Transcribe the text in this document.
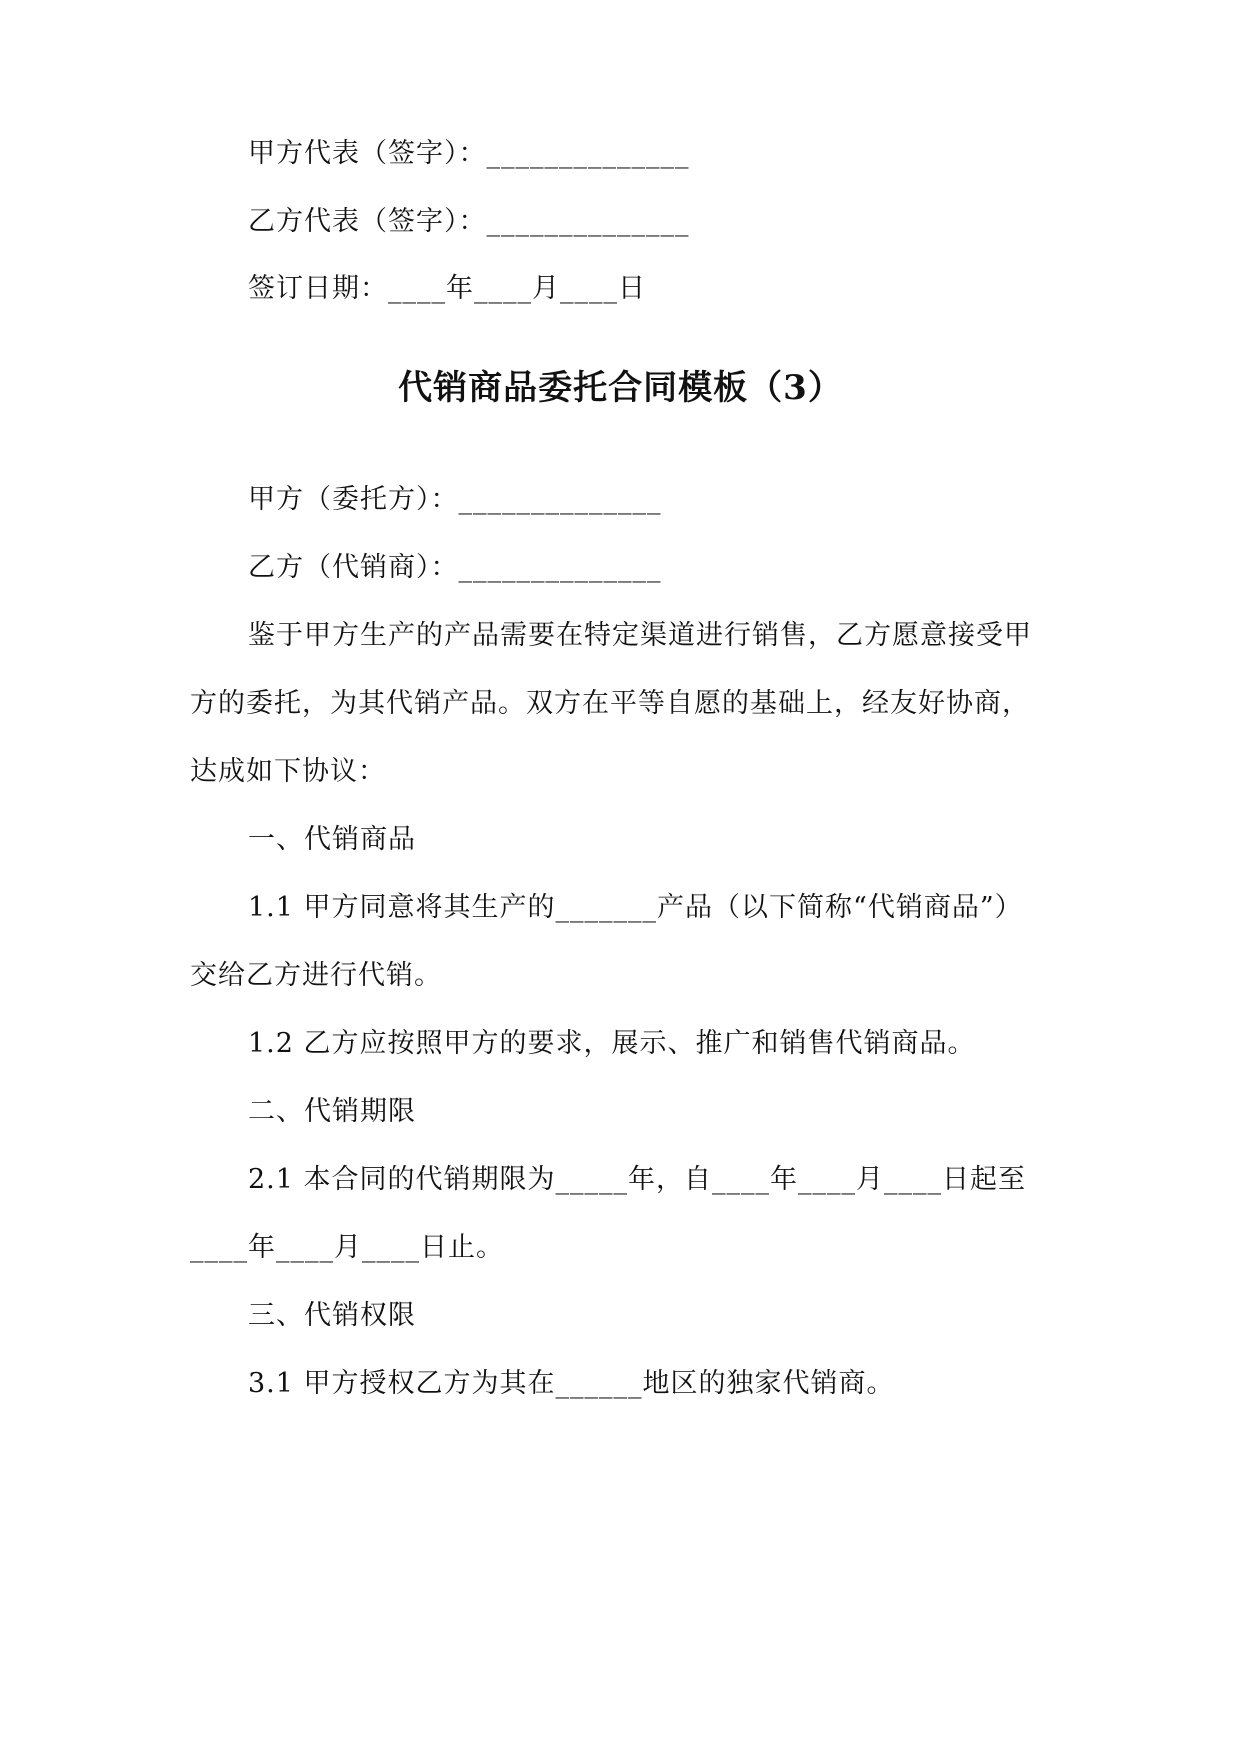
甲方代表（签字）：______________
乙方代表（签字）：______________
签订日期：____年____月____日
代销商品委托合同模板（3）
甲方（委托方）：______________
乙方（代销商）：______________
鉴于甲方生产的产品需要在特定渠道进行销售，乙方愿意接受甲
方的委托，为其代销产品。双方在平等自愿的基础上，经友好协商，
达成如下协议：
一、代销商品
1.1 甲方同意将其生产的_______产品（以下简称“代销商品”）
交给乙方进行代销。
1.2 乙方应按照甲方的要求，展示、推广和销售代销商品。
二、代销期限
2.1 本合同的代销期限为_____年，自____年____月____日起至
____年____月____日止。
三、代销权限
3.1 甲方授权乙方为其在______地区的独家代销商。
